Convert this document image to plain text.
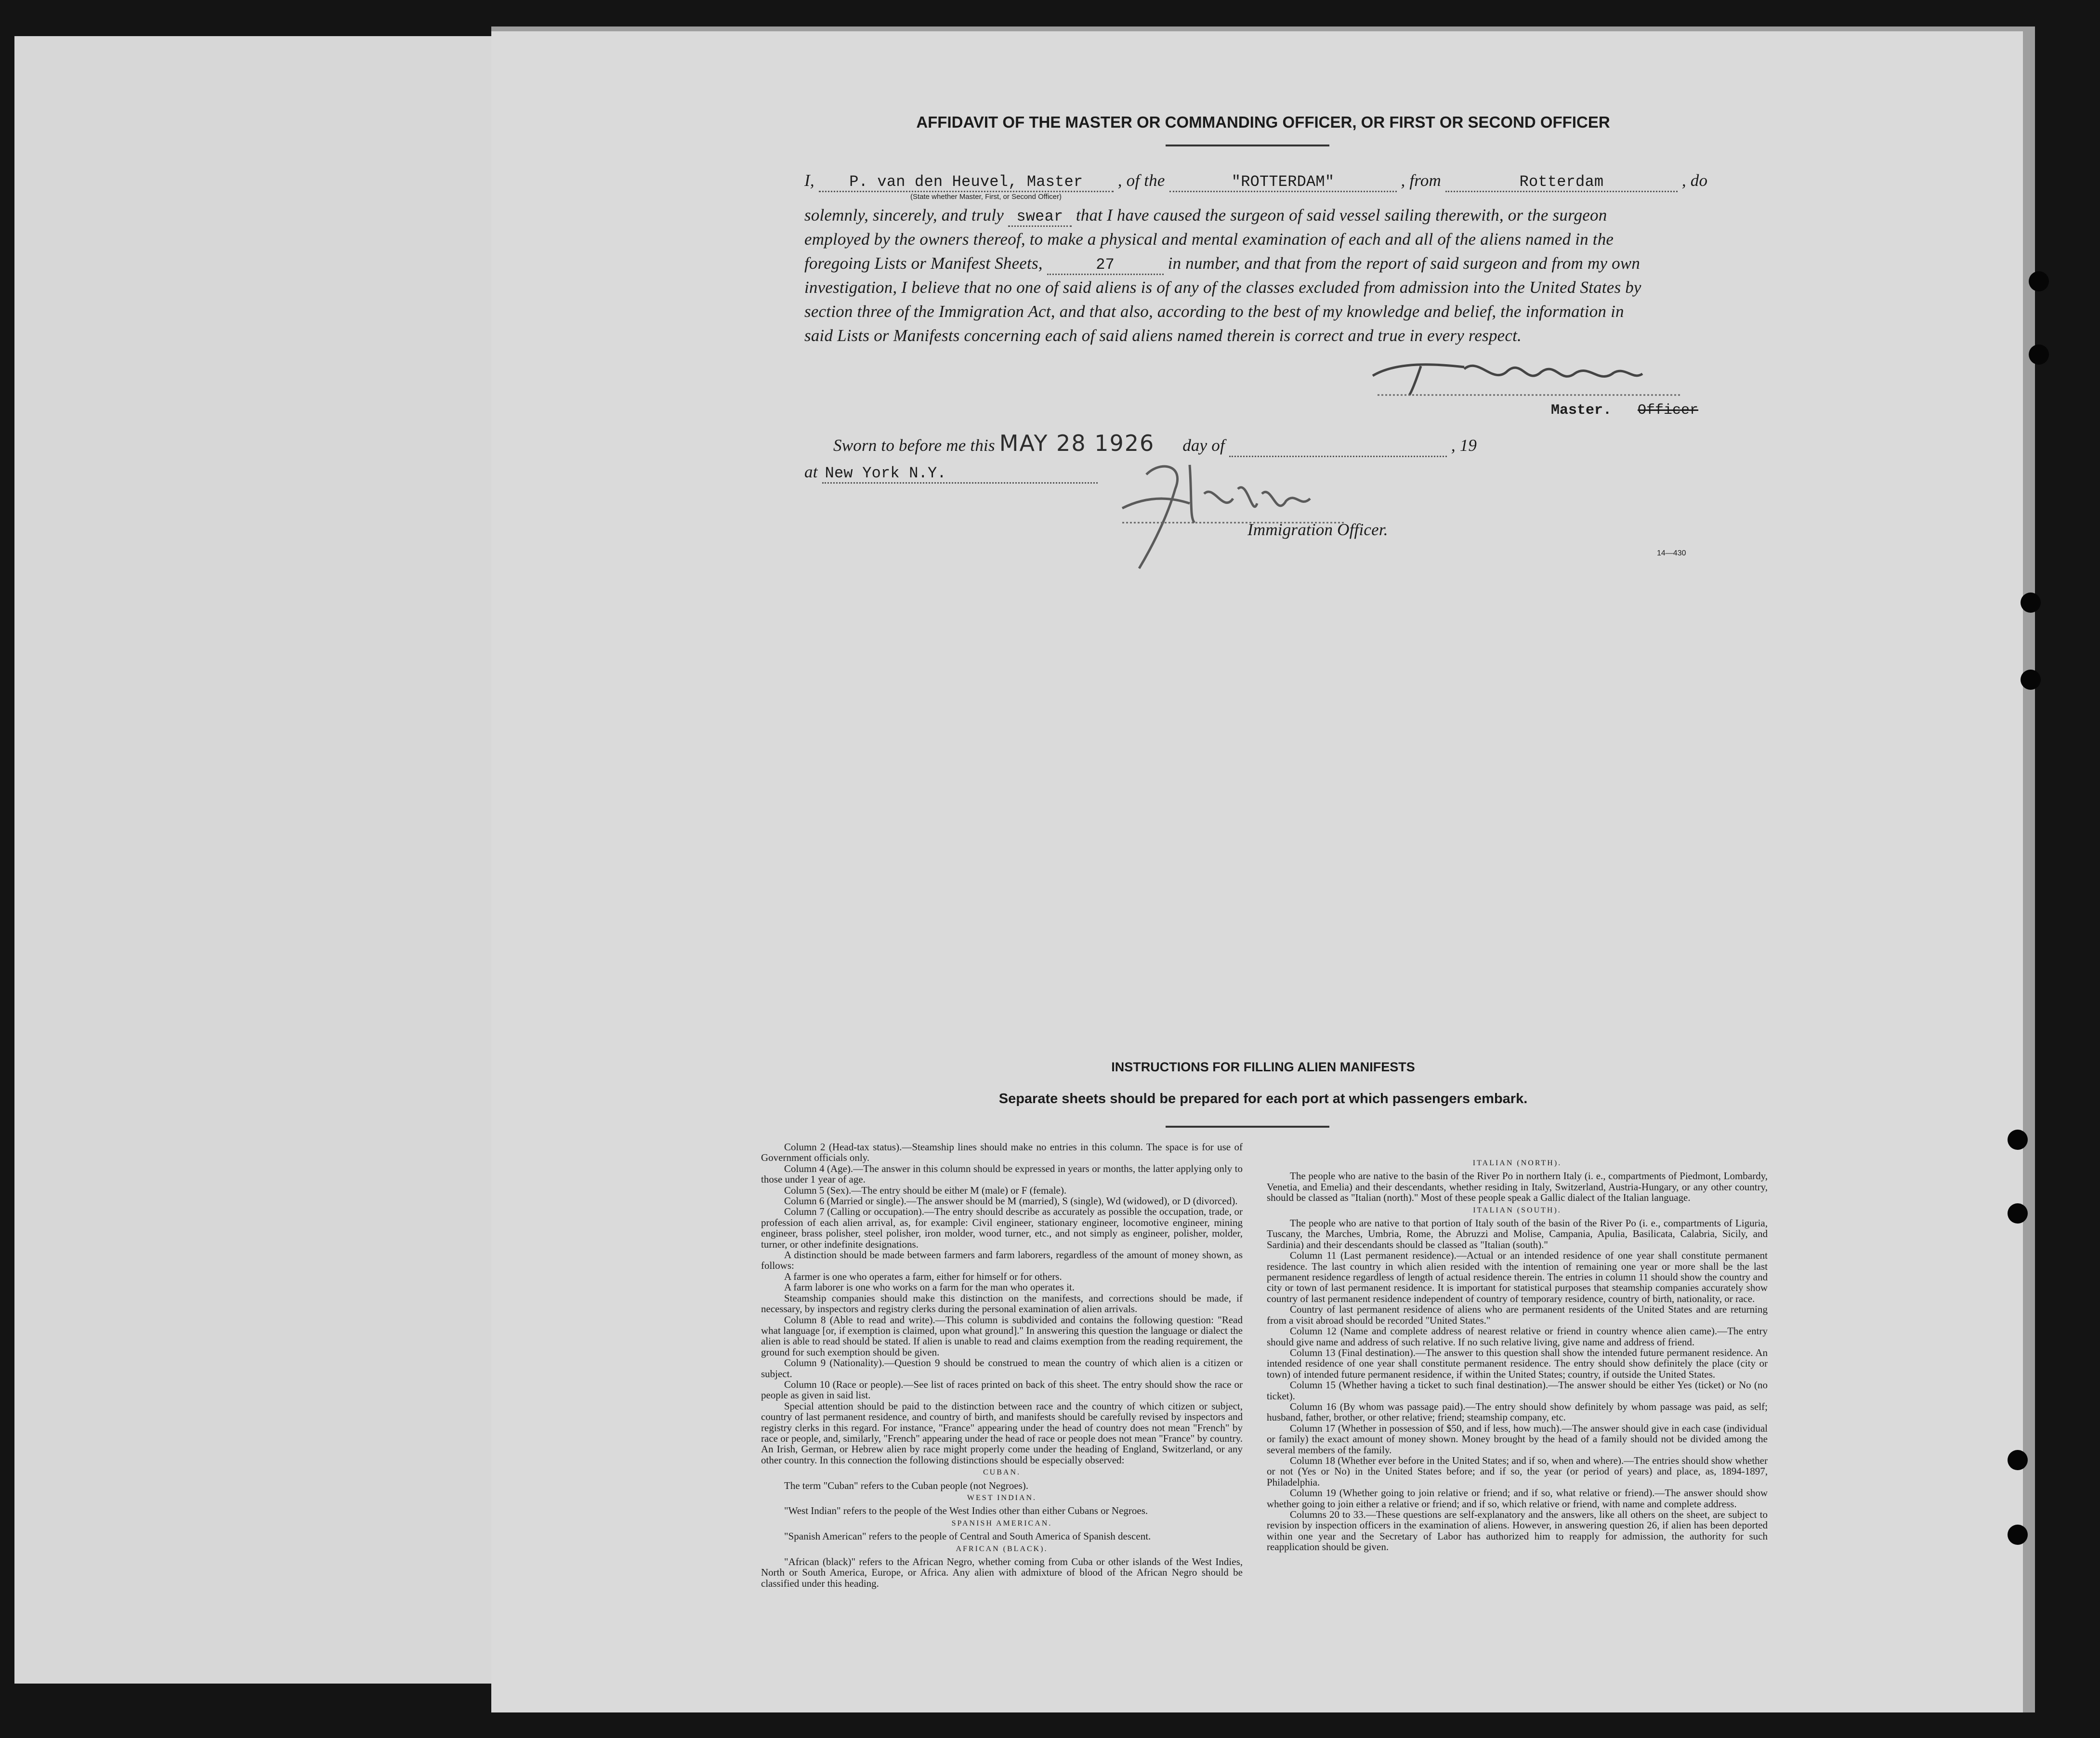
AFFIDAVIT OF THE MASTER OR COMMANDING OFFICER, OR FIRST OR SECOND OFFICER
I, P. van den Heuvel, Master , of the	"ROTTERDAM"	, from	Rotterdam	, do
(State whether Master, First, or Second Officer)
solemnly, sincerely, and truly swear that I have caused the surgeon of said vessel sailing therewith, or the surgeon
employed by the owners thereof, to make a physical and mental examination of each and all of the aliens named in the
foregoing Lists or Manifest Sheets,	27	in number, and that from the report of said surgeon and from my own
investigation, I believe that no one of said aliens is of any of the classes excluded from admission into the United States by
section three of the Immigration Act, and that also, according to the best of my knowledge and belief, the information in
said Lists or Manifests concerning each of said aliens named therein is correct and true in every respect.
Master. Officer
Sworn to before me this MAY 28 1926 day of	, 19
at New York N.Y.
Immigration Officer.
14—430
INSTRUCTIONS FOR FILLING ALIEN MANIFESTS
Separate sheets should be prepared for each port at which passengers embark.

Column 2 (Head-tax status).—Steamship lines should make no entries in this column. The space is for use of Government officials only.

Column 4 (Age).—The answer in this column should be expressed in years or months, the latter applying only to those under 1 year of age.

Column 5 (Sex).—The entry should be either M (male) or F (female).

Column 6 (Married or single).—The answer should be M (married), S (single), Wd (widowed), or D (divorced).

Column 7 (Calling or occupation).—The entry should describe as accurately as possible the occupation, trade, or profession of each alien arrival, as, for example: Civil engineer, stationary engineer, locomotive engineer, mining engineer, brass polisher, steel polisher, iron molder, wood turner, etc., and not simply as engineer, polisher, molder, turner, or other indefinite designations.

A distinction should be made between farmers and farm laborers, regardless of the amount of money shown, as follows:

A farmer is one who operates a farm, either for himself or for others.

A farm laborer is one who works on a farm for the man who operates it.

Steamship companies should make this distinction on the manifests, and corrections should be made, if necessary, by inspectors and registry clerks during the personal examination of alien arrivals.

Column 8 (Able to read and write).—This column is subdivided and contains the following question: "Read what language [or, if exemption is claimed, upon what ground]." In answering this question the language or dialect the alien is able to read should be stated. If alien is unable to read and claims exemption from the reading requirement, the ground for such exemption should be given.

Column 9 (Nationality).—Question 9 should be construed to mean the country of which alien is a citizen or subject.

Column 10 (Race or people).—See list of races printed on back of this sheet. The entry should show the race or people as given in said list.

Special attention should be paid to the distinction between race and the country of which citizen or subject, country of last permanent residence, and country of birth, and manifests should be carefully revised by inspectors and registry clerks in this regard. For instance, "France" appearing under the head of country does not mean "French" by race or people, and, similarly, "French" appearing under the head of race or people does not mean "France" by country. An Irish, German, or Hebrew alien by race might properly come under the heading of England, Switzerland, or any other country. In this connection the following distinctions should be especially observed:

CUBAN.

The term "Cuban" refers to the Cuban people (not Negroes).

WEST INDIAN.

"West Indian" refers to the people of the West Indies other than either Cubans or Negroes.

SPANISH AMERICAN.

"Spanish American" refers to the people of Central and South America of Spanish descent.

AFRICAN (BLACK).

"African (black)" refers to the African Negro, whether coming from Cuba or other islands of the West Indies, North or South America, Europe, or Africa. Any alien with admixture of blood of the African Negro should be classified under this heading.

ITALIAN (NORTH).

The people who are native to the basin of the River Po in northern Italy (i. e., compartments of Piedmont, Lombardy, Venetia, and Emelia) and their descendants, whether residing in Italy, Switzerland, Austria-Hungary, or any other country, should be classed as "Italian (north)." Most of these people speak a Gallic dialect of the Italian language.

ITALIAN (SOUTH).

The people who are native to that portion of Italy south of the basin of the River Po (i. e., compartments of Liguria, Tuscany, the Marches, Umbria, Rome, the Abruzzi and Molise, Campania, Apulia, Basilicata, Calabria, Sicily, and Sardinia) and their descendants should be classed as "Italian (south)."

Column 11 (Last permanent residence).—Actual or an intended residence of one year shall constitute permanent residence. The last country in which alien resided with the intention of remaining one year or more shall be the last permanent residence regardless of length of actual residence therein. The entries in column 11 should show the country and city or town of last permanent residence. It is important for statistical purposes that steamship companies accurately show country of last permanent residence independent of country of temporary residence, country of birth, nationality, or race.

Country of last permanent residence of aliens who are permanent residents of the United States and are returning from a visit abroad should be recorded "United States."

Column 12 (Name and complete address of nearest relative or friend in country whence alien came).—The entry should give name and address of such relative. If no such relative living, give name and address of friend.

Column 13 (Final destination).—The answer to this question shall show the intended future permanent residence. An intended residence of one year shall constitute permanent residence. The entry should show definitely the place (city or town) of intended future permanent residence, if within the United States; country, if outside the United States.

Column 15 (Whether having a ticket to such final destination).—The answer should be either Yes (ticket) or No (no ticket).

Column 16 (By whom was passage paid).—The entry should show definitely by whom passage was paid, as self; husband, father, brother, or other relative; friend; steamship company, etc.

Column 17 (Whether in possession of $50, and if less, how much).—The answer should give in each case (individual or family) the exact amount of money shown. Money brought by the head of a family should not be divided among the several members of the family.

Column 18 (Whether ever before in the United States; and if so, when and where).—The entries should show whether or not (Yes or No) in the United States before; and if so, the year (or period of years) and place, as, 1894-1897, Philadelphia.

Column 19 (Whether going to join relative or friend; and if so, what relative or friend).—The answer should show whether going to join either a relative or friend; and if so, which relative or friend, with name and complete address.

Columns 20 to 33.—These questions are self-explanatory and the answers, like all others on the sheet, are subject to revision by inspection officers in the examination of aliens. However, in answering question 26, if alien has been deported within one year and the Secretary of Labor has authorized him to reapply for admission, the authority for such reapplication should be given.
